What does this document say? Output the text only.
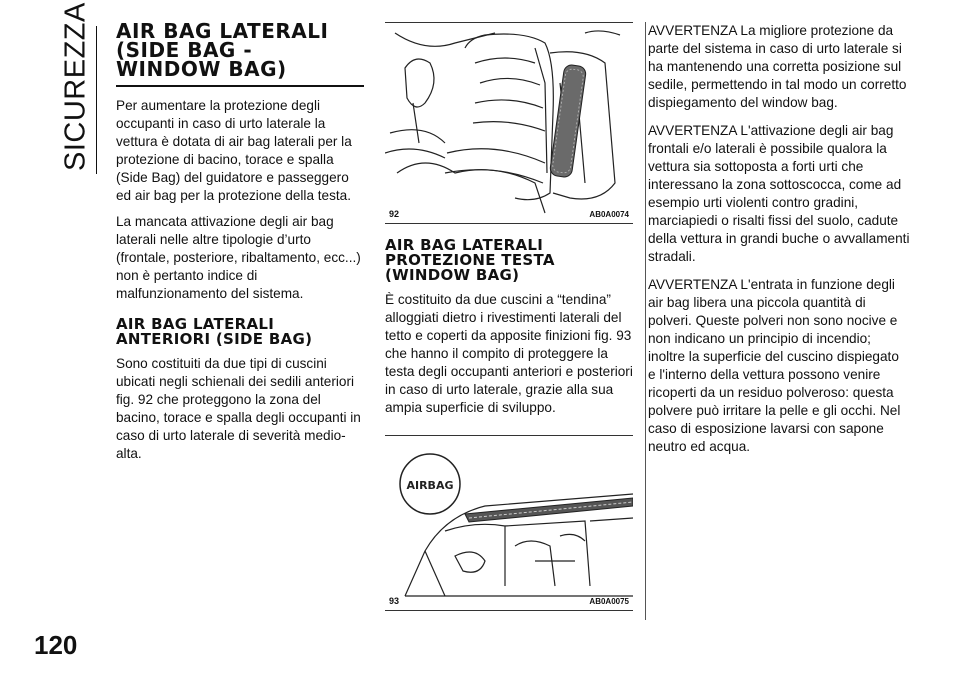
SICUREZZA
120
AIR BAG LATERALI (SIDE BAG - WINDOW BAG)

Per aumentare la protezione degli occupanti in caso di urto laterale la vettura è dotata di air bag laterali per la protezione di bacino, torace e spalla (Side Bag) del guidatore e passeggero ed air bag per la protezione della testa.

La mancata attivazione degli air bag laterali nelle altre tipologie d’urto (frontale, posteriore, ribaltamento, ecc...) non è pertanto indice di malfunzionamento del sistema.

AIR BAG LATERALI ANTERIORI (SIDE BAG)

Sono costituiti da due tipi di cuscini ubicati negli schienali dei sedili anteriori fig. 92 che proteggono la zona del bacino, torace e spalla degli occupanti in caso di urto laterale di severità medio-alta.

92	AB0A0074
AIR BAG LATERALI PROTEZIONE TESTA (WINDOW BAG)

È costituito da due cuscini a “tendina” alloggiati dietro i rivestimenti laterali del tetto e coperti da apposite finizioni fig. 93 che hanno il compito di proteggere la testa degli occupanti anteriori e posteriori in caso di urto laterale, grazie alla sua ampia superficie di sviluppo.

AIRBAG
93	AB0A0075

AVVERTENZA La migliore protezione da parte del sistema in caso di urto laterale si ha mantenendo una corretta posizione sul sedile, permettendo in tal modo un corretto dispiegamento del window bag.

AVVERTENZA L'attivazione degli air bag frontali e/o laterali è possibile qualora la vettura sia sottoposta a forti urti che interessano la zona sottoscocca, come ad esempio urti violenti contro gradini, marciapiedi o risalti fissi del suolo, cadute della vettura in grandi buche o avvallamenti stradali.

AVVERTENZA L'entrata in funzione degli air bag libera una piccola quantità di polveri. Queste polveri non sono nocive e non indicano un principio di incendio; inoltre la superficie del cuscino dispiegato e l'interno della vettura possono venire ricoperti da un residuo polveroso: questa polvere può irritare la pelle e gli occhi. Nel caso di esposizione lavarsi con sapone neutro ed acqua.
